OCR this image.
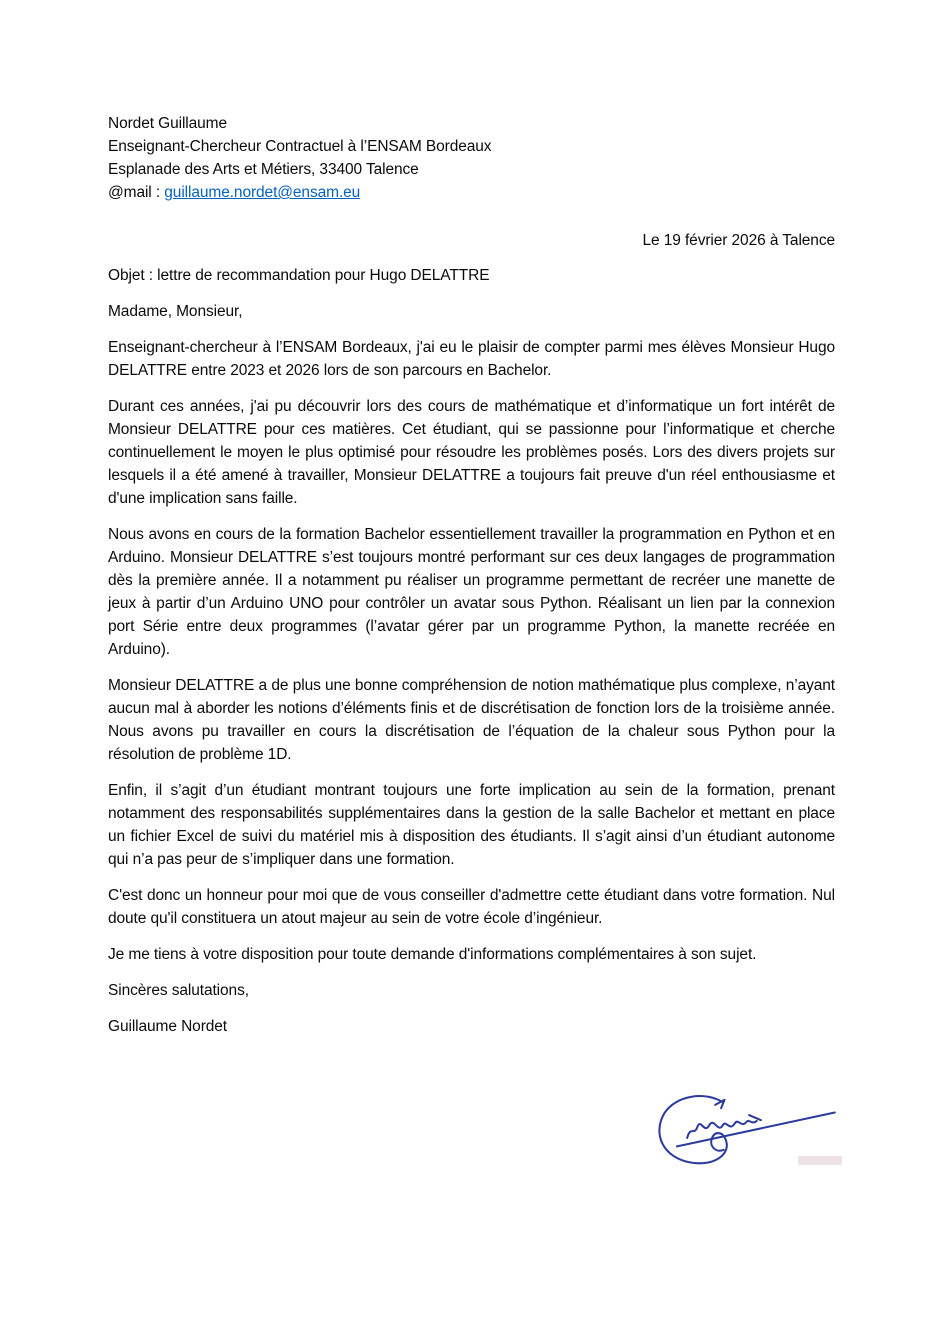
Nordet Guillaume
Enseignant-Chercheur Contractuel à l’ENSAM Bordeaux
Esplanade des Arts et Métiers, 33400 Talence
@mail : guillaume.nordet@ensam.eu
Le 19 février 2026 à Talence
Objet : lettre de recommandation pour Hugo DELATTRE

Madame, Monsieur,

Enseignant-chercheur à l’ENSAM Bordeaux, j'ai eu le plaisir de compter parmi mes élèves Monsieur Hugo DELATTRE entre 2023 et 2026 lors de son parcours en Bachelor.

Durant ces années, j'ai pu découvrir lors des cours de mathématique et d’informatique un fort intérêt de Monsieur DELATTRE pour ces matières. Cet étudiant, qui se passionne pour l’informatique et cherche continuellement le moyen le plus optimisé pour résoudre les problèmes posés. Lors des divers projets sur lesquels il a été amené à travailler, Monsieur DELATTRE a toujours fait preuve d'un réel enthousiasme et d'une implication sans faille.

Nous avons en cours de la formation Bachelor essentiellement travailler la programmation en Python et en Arduino. Monsieur DELATTRE s’est toujours montré performant sur ces deux langages de programmation dès la première année. Il a notamment pu réaliser un programme permettant de recréer une manette de jeux à partir d’un Arduino UNO pour contrôler un avatar sous Python. Réalisant un lien par la connexion port Série entre deux programmes (l’avatar gérer par un programme Python, la manette recréée en Arduino).

Monsieur DELATTRE a de plus une bonne compréhension de notion mathématique plus complexe, n’ayant aucun mal à aborder les notions d’éléments finis et de discrétisation de fonction lors de la troisième année. Nous avons pu travailler en cours la discrétisation de l’équation de la chaleur sous Python pour la résolution de problème 1D.

Enfin, il s’agit d’un étudiant montrant toujours une forte implication au sein de la formation, prenant notamment des responsabilités supplémentaires dans la gestion de la salle Bachelor et mettant en place un fichier Excel de suivi du matériel mis à disposition des étudiants. Il s’agit ainsi d’un étudiant autonome qui n’a pas peur de s’impliquer dans une formation.

C'est donc un honneur pour moi que de vous conseiller d'admettre cette étudiant dans votre formation. Nul doute qu'il constituera un atout majeur au sein de votre école d’ingénieur.

Je me tiens à votre disposition pour toute demande d'informations complémentaires à son sujet.

Sincères salutations,

Guillaume Nordet
